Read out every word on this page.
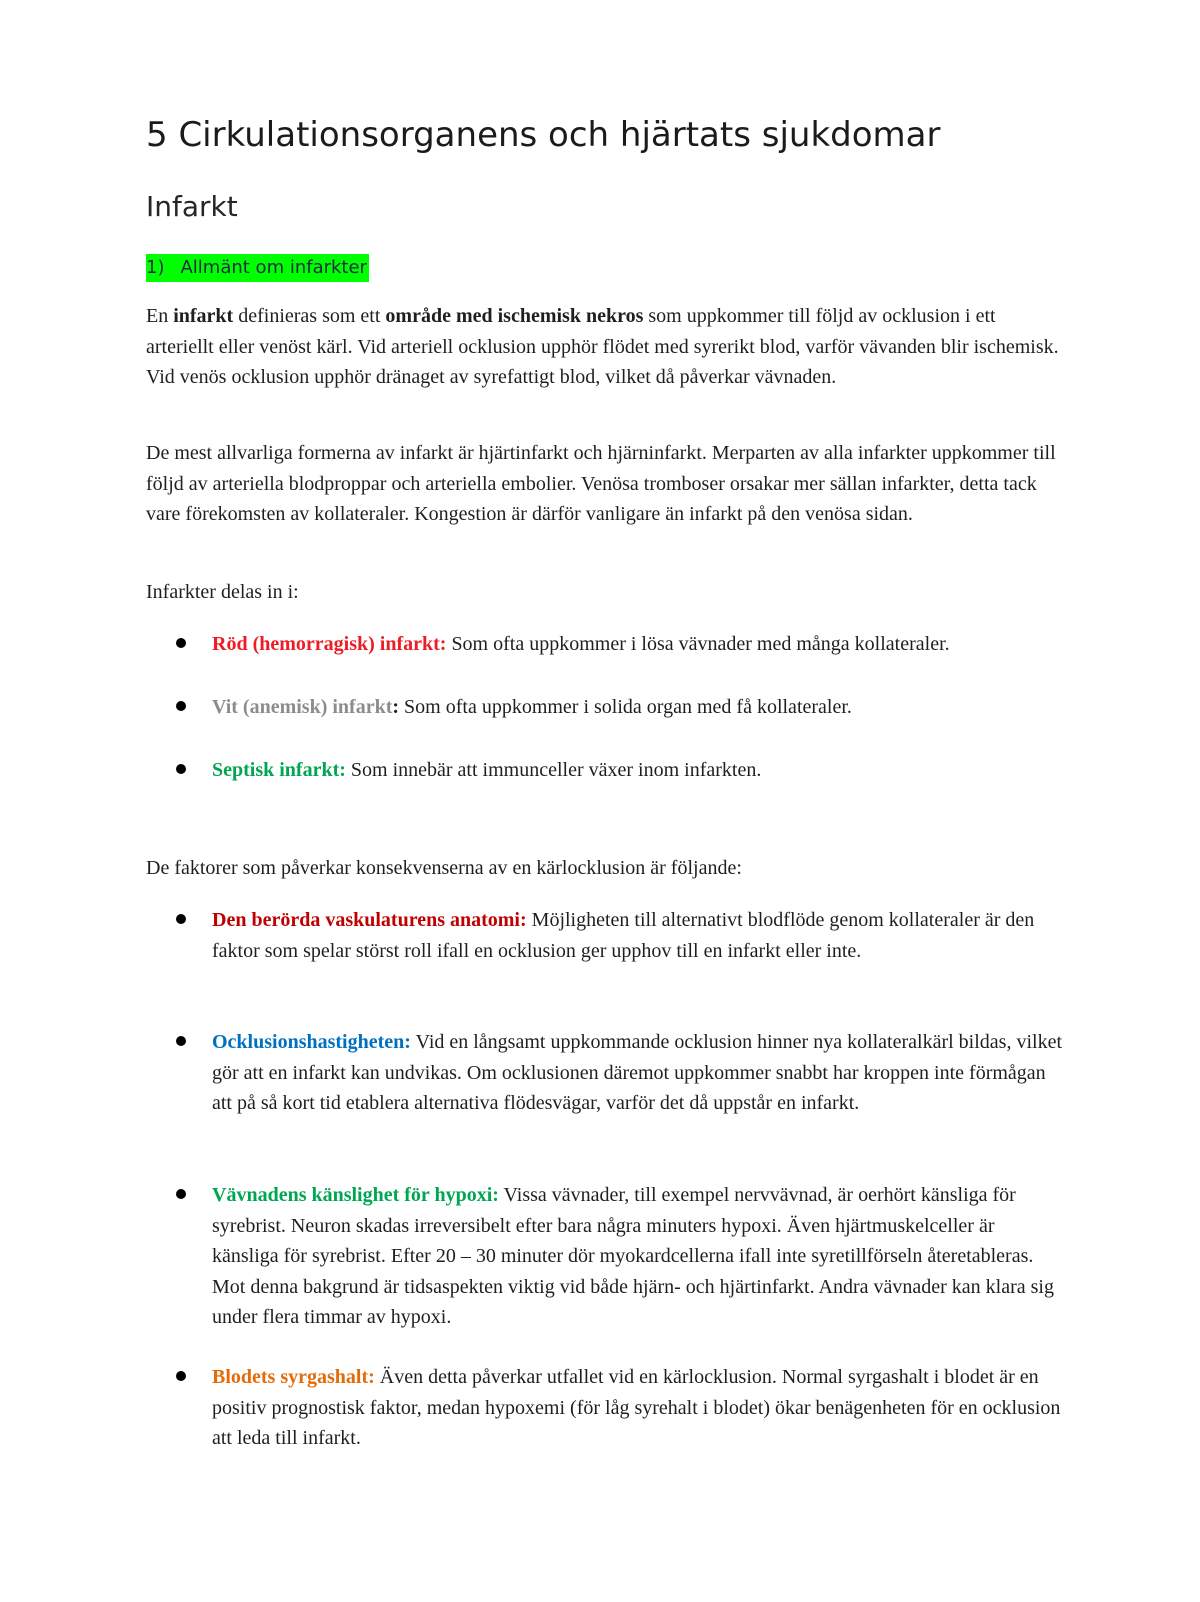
5 Cirkulationsorganens och hjärtats sjukdomar
Infarkt
1) Allmänt om infarkter

En infarkt definieras som ett område med ischemisk nekros som uppkommer till följd av ocklusion i ett arteriellt eller venöst kärl. Vid arteriell ocklusion upphör flödet med syrerikt blod, varför vävanden blir ischemisk. Vid venös ocklusion upphör dränaget av syrefattigt blod, vilket då påverkar vävnaden.

De mest allvarliga formerna av infarkt är hjärtinfarkt och hjärninfarkt. Merparten av alla infarkter uppkommer till följd av arteriella blodproppar och arteriella embolier. Venösa tromboser orsakar mer sällan infarkter, detta tack vare förekomsten av kollateraler. Kongestion är därför vanligare än infarkt på den venösa sidan.

Infarkter delas in i:

Röd (hemorragisk) infarkt: Som ofta uppkommer i lösa vävnader med många kollateraler.
Vit (anemisk) infarkt: Som ofta uppkommer i solida organ med få kollateraler.
Septisk infarkt: Som innebär att immunceller växer inom infarkten.

De faktorer som påverkar konsekvenserna av en kärlocklusion är följande:

Den berörda vaskulaturens anatomi: Möjligheten till alternativt blodflöde genom kollateraler är den faktor som spelar störst roll ifall en ocklusion ger upphov till en infarkt eller inte.
Ocklusionshastigheten: Vid en långsamt uppkommande ocklusion hinner nya kollateralkärl bildas, vilket gör att en infarkt kan undvikas. Om ocklusionen däremot uppkommer snabbt har kroppen inte förmågan att på så kort tid etablera alternativa flödesvägar, varför det då uppstår en infarkt.
Vävnadens känslighet för hypoxi: Vissa vävnader, till exempel nervvävnad, är oerhört känsliga för syrebrist. Neuron skadas irreversibelt efter bara några minuters hypoxi. Även hjärtmuskelceller är känsliga för syrebrist. Efter 20 – 30 minuter dör myokardcellerna ifall inte syretillförseln återetableras. Mot denna bakgrund är tidsaspekten viktig vid både hjärn- och hjärtinfarkt. Andra vävnader kan klara sig under flera timmar av hypoxi.
Blodets syrgashalt: Även detta påverkar utfallet vid en kärlocklusion. Normal syrgashalt i blodet är en positiv prognostisk faktor, medan hypoxemi (för låg syrehalt i blodet) ökar benägenheten för en ocklusion att leda till infarkt.
